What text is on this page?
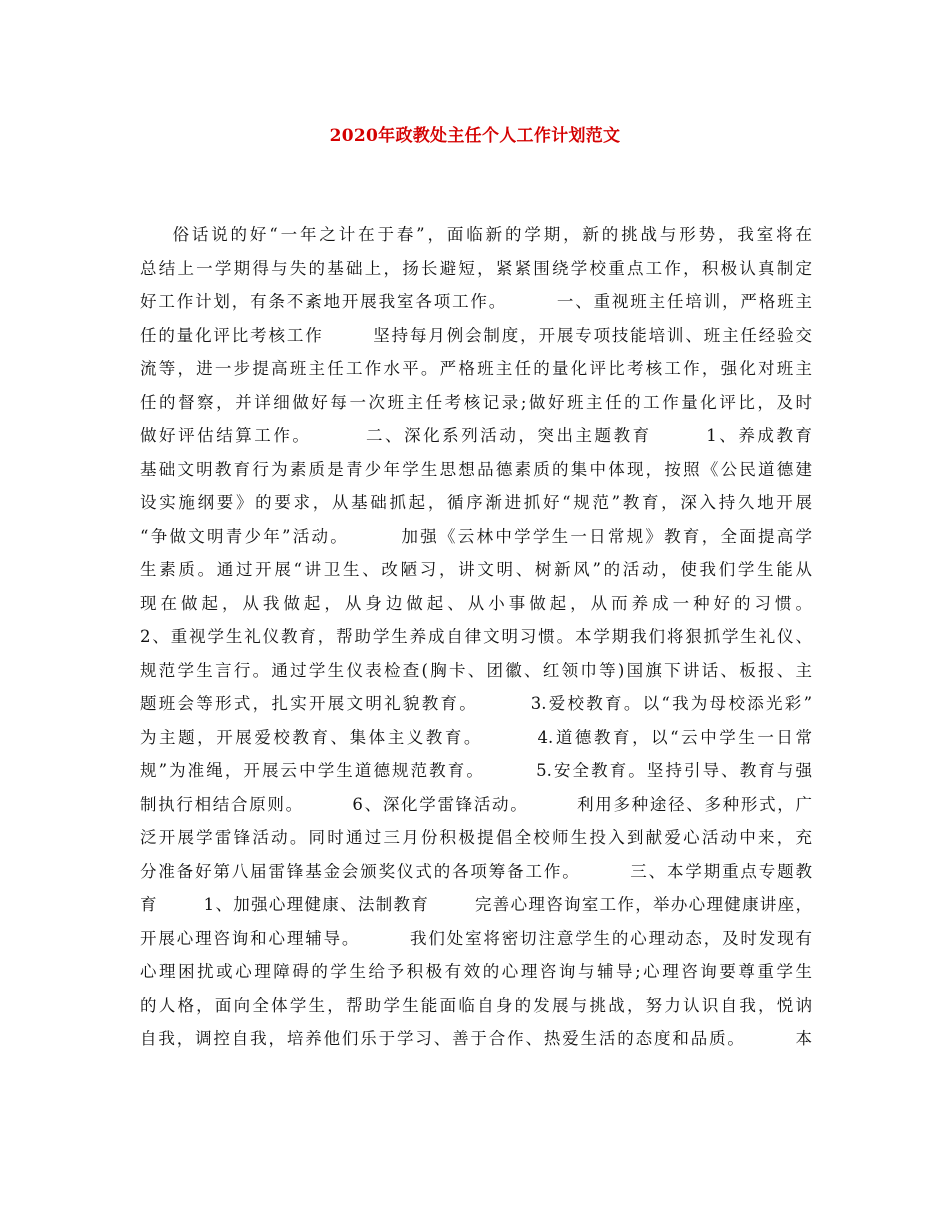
2020年政教处主任个人工作计划范文
俗话说的好“一年之计在于春”，面临新的学期，新的挑战与形势，我室将在
总结上一学期得与失的基础上，扬长避短，紧紧围绕学校重点工作，积极认真制定
好工作计划，有条不紊地开展我室各项工作。       一、重视班主任培训，严格班主
任的量化评比考核工作       坚持每月例会制度，开展专项技能培训、班主任经验交
流等，进一步提高班主任工作水平。严格班主任的量化评比考核工作，强化对班主
任的督察，并详细做好每一次班主任考核记录;做好班主任的工作量化评比，及时
做好评估结算工作。       二、深化系列活动，突出主题教育       1、养成教育
基础文明教育行为素质是青少年学生思想品德素质的集中体现，按照《公民道德建
设实施纲要》的要求，从基础抓起，循序渐进抓好“规范”教育，深入持久地开展
“争做文明青少年”活动。       加强《云林中学学生一日常规》教育，全面提高学
生素质。通过开展“讲卫生、改陋习，讲文明、树新风”的活动，使我们学生能从
现在做起，从我做起，从身边做起、从小事做起，从而养成一种好的习惯。
2、重视学生礼仪教育，帮助学生养成自律文明习惯。本学期我们将狠抓学生礼仪、
规范学生言行。通过学生仪表检查(胸卡、团徽、红领巾等)国旗下讲话、板报、主
题班会等形式，扎实开展文明礼貌教育。       3.爱校教育。以“我为母校添光彩”
为主题，开展爱校教育、集体主义教育。       4.道德教育，以“云中学生一日常
规”为准绳，开展云中学生道德规范教育。       5.安全教育。坚持引导、教育与强
制执行相结合原则。       6、深化学雷锋活动。       利用多种途径、多种形式，广
泛开展学雷锋活动。同时通过三月份积极提倡全校师生投入到献爱心活动中来，充
分准备好第八届雷锋基金会颁奖仪式的各项筹备工作。       三、本学期重点专题教
育       1、加强心理健康、法制教育       完善心理咨询室工作，举办心理健康讲座，
开展心理咨询和心理辅导。       我们处室将密切注意学生的心理动态，及时发现有
心理困扰或心理障碍的学生给予积极有效的心理咨询与辅导;心理咨询要尊重学生
的人格，面向全体学生，帮助学生能面临自身的发展与挑战，努力认识自我，悦讷
自我，调控自我，培养他们乐于学习、善于合作、热爱生活的态度和品质。       本
